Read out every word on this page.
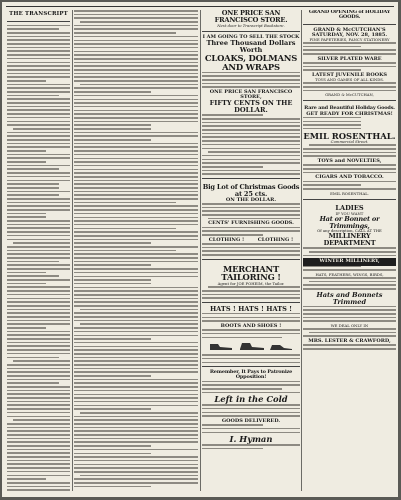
THE TRANSCRIPT	ONE PRICE SAN FRANCISCO STORE.
Next door to Transcript Bookstore.
I AM GOING TO SELL THE STOCK
Three Thousand Dollars Worth
CLOAKS, DOLMANS AND WRAPS
ONE PRICE SAN FRANCISCO STORE,
FIFTY CENTS ON THE DOLLAR.
Big Lot of Christmas Goods at 25 cts.
ON THE DOLLAR.
CENTS' FURNISHING GOODS.
CLOTHING !	CLOTHING !
MERCHANT TAILORING !
Agent for JOE POHEIM, the Tailor.
HATS ! HATS ! HATS !
BOOTS AND SHOES !
Remember, It Pays to Patronize Opposition!
Left in the Cold
GOODS DELIVERED.
I. Hyman
GRAND OPENING of HOLIDAY GOODS.
GRAND & McCUTCHAN'S
SATURDAY, NOV. 28, 1885.
FINE PAPETERIES, FANCY STATIONERY
SILVER PLATED WARE
LATEST JUVENILE BOOKS
TOYS AND GAMES OF ALL KINDS.
GRAND & McCUTCHAN,
Rare and Beautiful Holiday Goods.
GET READY FOR CHRISTMAS!
EMIL ROSENTHAL.
Commercial Street.
TOYS and NOVELTIES,
CIGARS AND TOBACCO.
EMIL ROSENTHAL.
LADIES
IF YOU WANT
Hat or Bonnet or Trimmings,
Of any description, CALL AT THE
MILLINERY DEPARTMENT
WINTER MILLINERY,
HATS, FEATHERS, WINGS, BIRDS,
Hats and Bonnets Trimmed
WE DEAL ONLY IN
MRS. LESTER & CRAWFORD,
